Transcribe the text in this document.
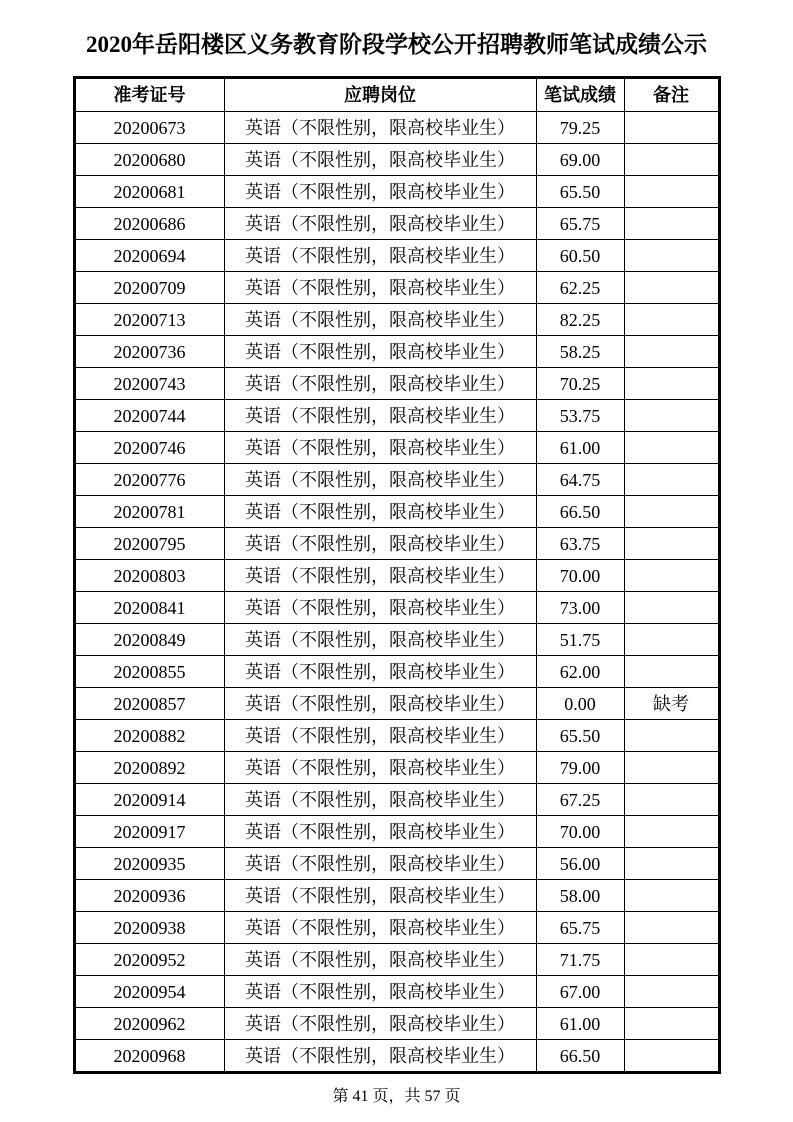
2020年岳阳楼区义务教育阶段学校公开招聘教师笔试成绩公示
准考证号	应聘岗位	笔试成绩	备注
20200673	英语（不限性别，限高校毕业生）	79.25	
20200680	英语（不限性别，限高校毕业生）	69.00	
20200681	英语（不限性别，限高校毕业生）	65.50	
20200686	英语（不限性别，限高校毕业生）	65.75	
20200694	英语（不限性别，限高校毕业生）	60.50	
20200709	英语（不限性别，限高校毕业生）	62.25	
20200713	英语（不限性别，限高校毕业生）	82.25	
20200736	英语（不限性别，限高校毕业生）	58.25	
20200743	英语（不限性别，限高校毕业生）	70.25	
20200744	英语（不限性别，限高校毕业生）	53.75	
20200746	英语（不限性别，限高校毕业生）	61.00	
20200776	英语（不限性别，限高校毕业生）	64.75	
20200781	英语（不限性别，限高校毕业生）	66.50	
20200795	英语（不限性别，限高校毕业生）	63.75	
20200803	英语（不限性别，限高校毕业生）	70.00	
20200841	英语（不限性别，限高校毕业生）	73.00	
20200849	英语（不限性别，限高校毕业生）	51.75	
20200855	英语（不限性别，限高校毕业生）	62.00	
20200857	英语（不限性别，限高校毕业生）	0.00	缺考
20200882	英语（不限性别，限高校毕业生）	65.50	
20200892	英语（不限性别，限高校毕业生）	79.00	
20200914	英语（不限性别，限高校毕业生）	67.25	
20200917	英语（不限性别，限高校毕业生）	70.00	
20200935	英语（不限性别，限高校毕业生）	56.00	
20200936	英语（不限性别，限高校毕业生）	58.00	
20200938	英语（不限性别，限高校毕业生）	65.75	
20200952	英语（不限性别，限高校毕业生）	71.75	
20200954	英语（不限性别，限高校毕业生）	67.00	
20200962	英语（不限性别，限高校毕业生）	61.00	
20200968	英语（不限性别，限高校毕业生）	66.50	
第 41 页，共 57 页
